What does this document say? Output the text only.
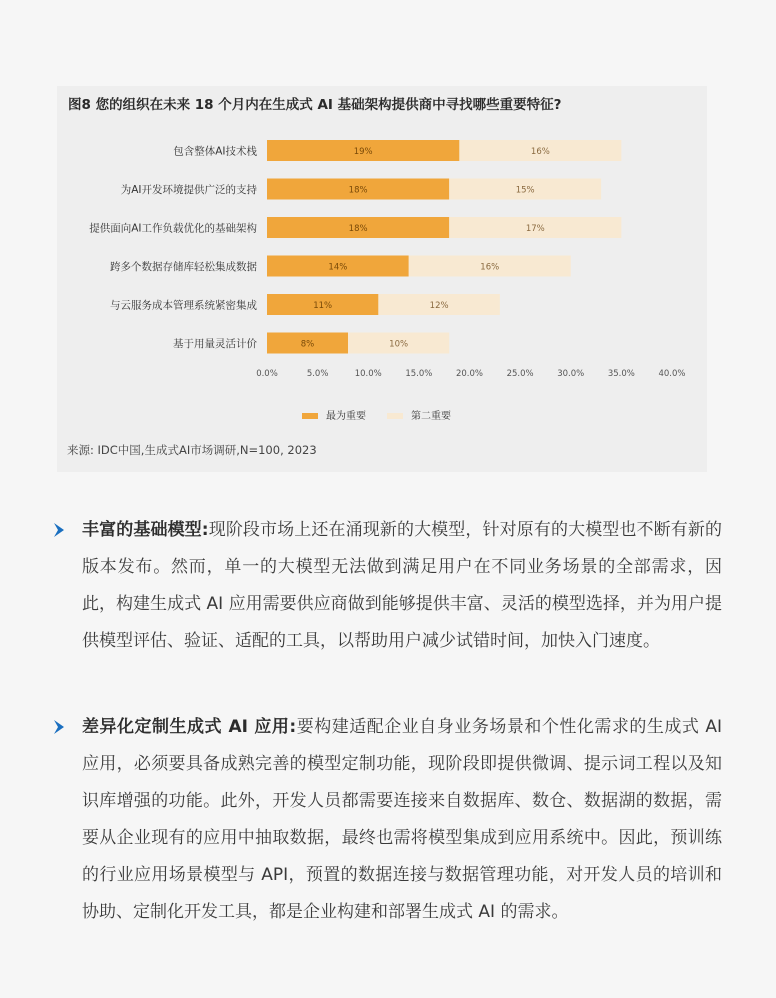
图8 您的组织在未来 18 个月内在生成式 AI 基础架构提供商中寻找哪些重要特征?
包含整体AI技术栈	19%	16%
为AI开发环境提供广泛的支持	18%	15%
提供面向AI工作负载优化的基础架构	18%	17%
跨多个数据存储库轻松集成数据	14%	16%
与云服务成本管理系统紧密集成	11%	12%
基于用量灵活计价	8%	10%
0.0%	5.0%	10.0%	15.0%	20.0%	25.0%	30.0%	35.0%	40.0%
最为重要	第二重要
来源: IDC中国,生成式AI市场调研,N=100, 2023
丰富的基础模型:现阶段市场上还在涌现新的大模型，针对原有的大模型也不断有新的版本发布。然而，单一的大模型无法做到满足用户在不同业务场景的全部需求，因此，构建生成式 AI 应用需要供应商做到能够提供丰富、灵活的模型选择，并为用户提供模型评估、验证、适配的工具，以帮助用户减少试错时间，加快入门速度。
差异化定制生成式 AI 应用:要构建适配企业自身业务场景和个性化需求的生成式 AI 应用，必须要具备成熟完善的模型定制功能，现阶段即提供微调、提示词工程以及知识库增强的功能。此外，开发人员都需要连接来自数据库、数仓、数据湖的数据，需要从企业现有的应用中抽取数据，最终也需将模型集成到应用系统中。因此，预训练的行业应用场景模型与 API，预置的数据连接与数据管理功能，对开发人员的培训和协助、定制化开发工具，都是企业构建和部署生成式 AI 的需求。
